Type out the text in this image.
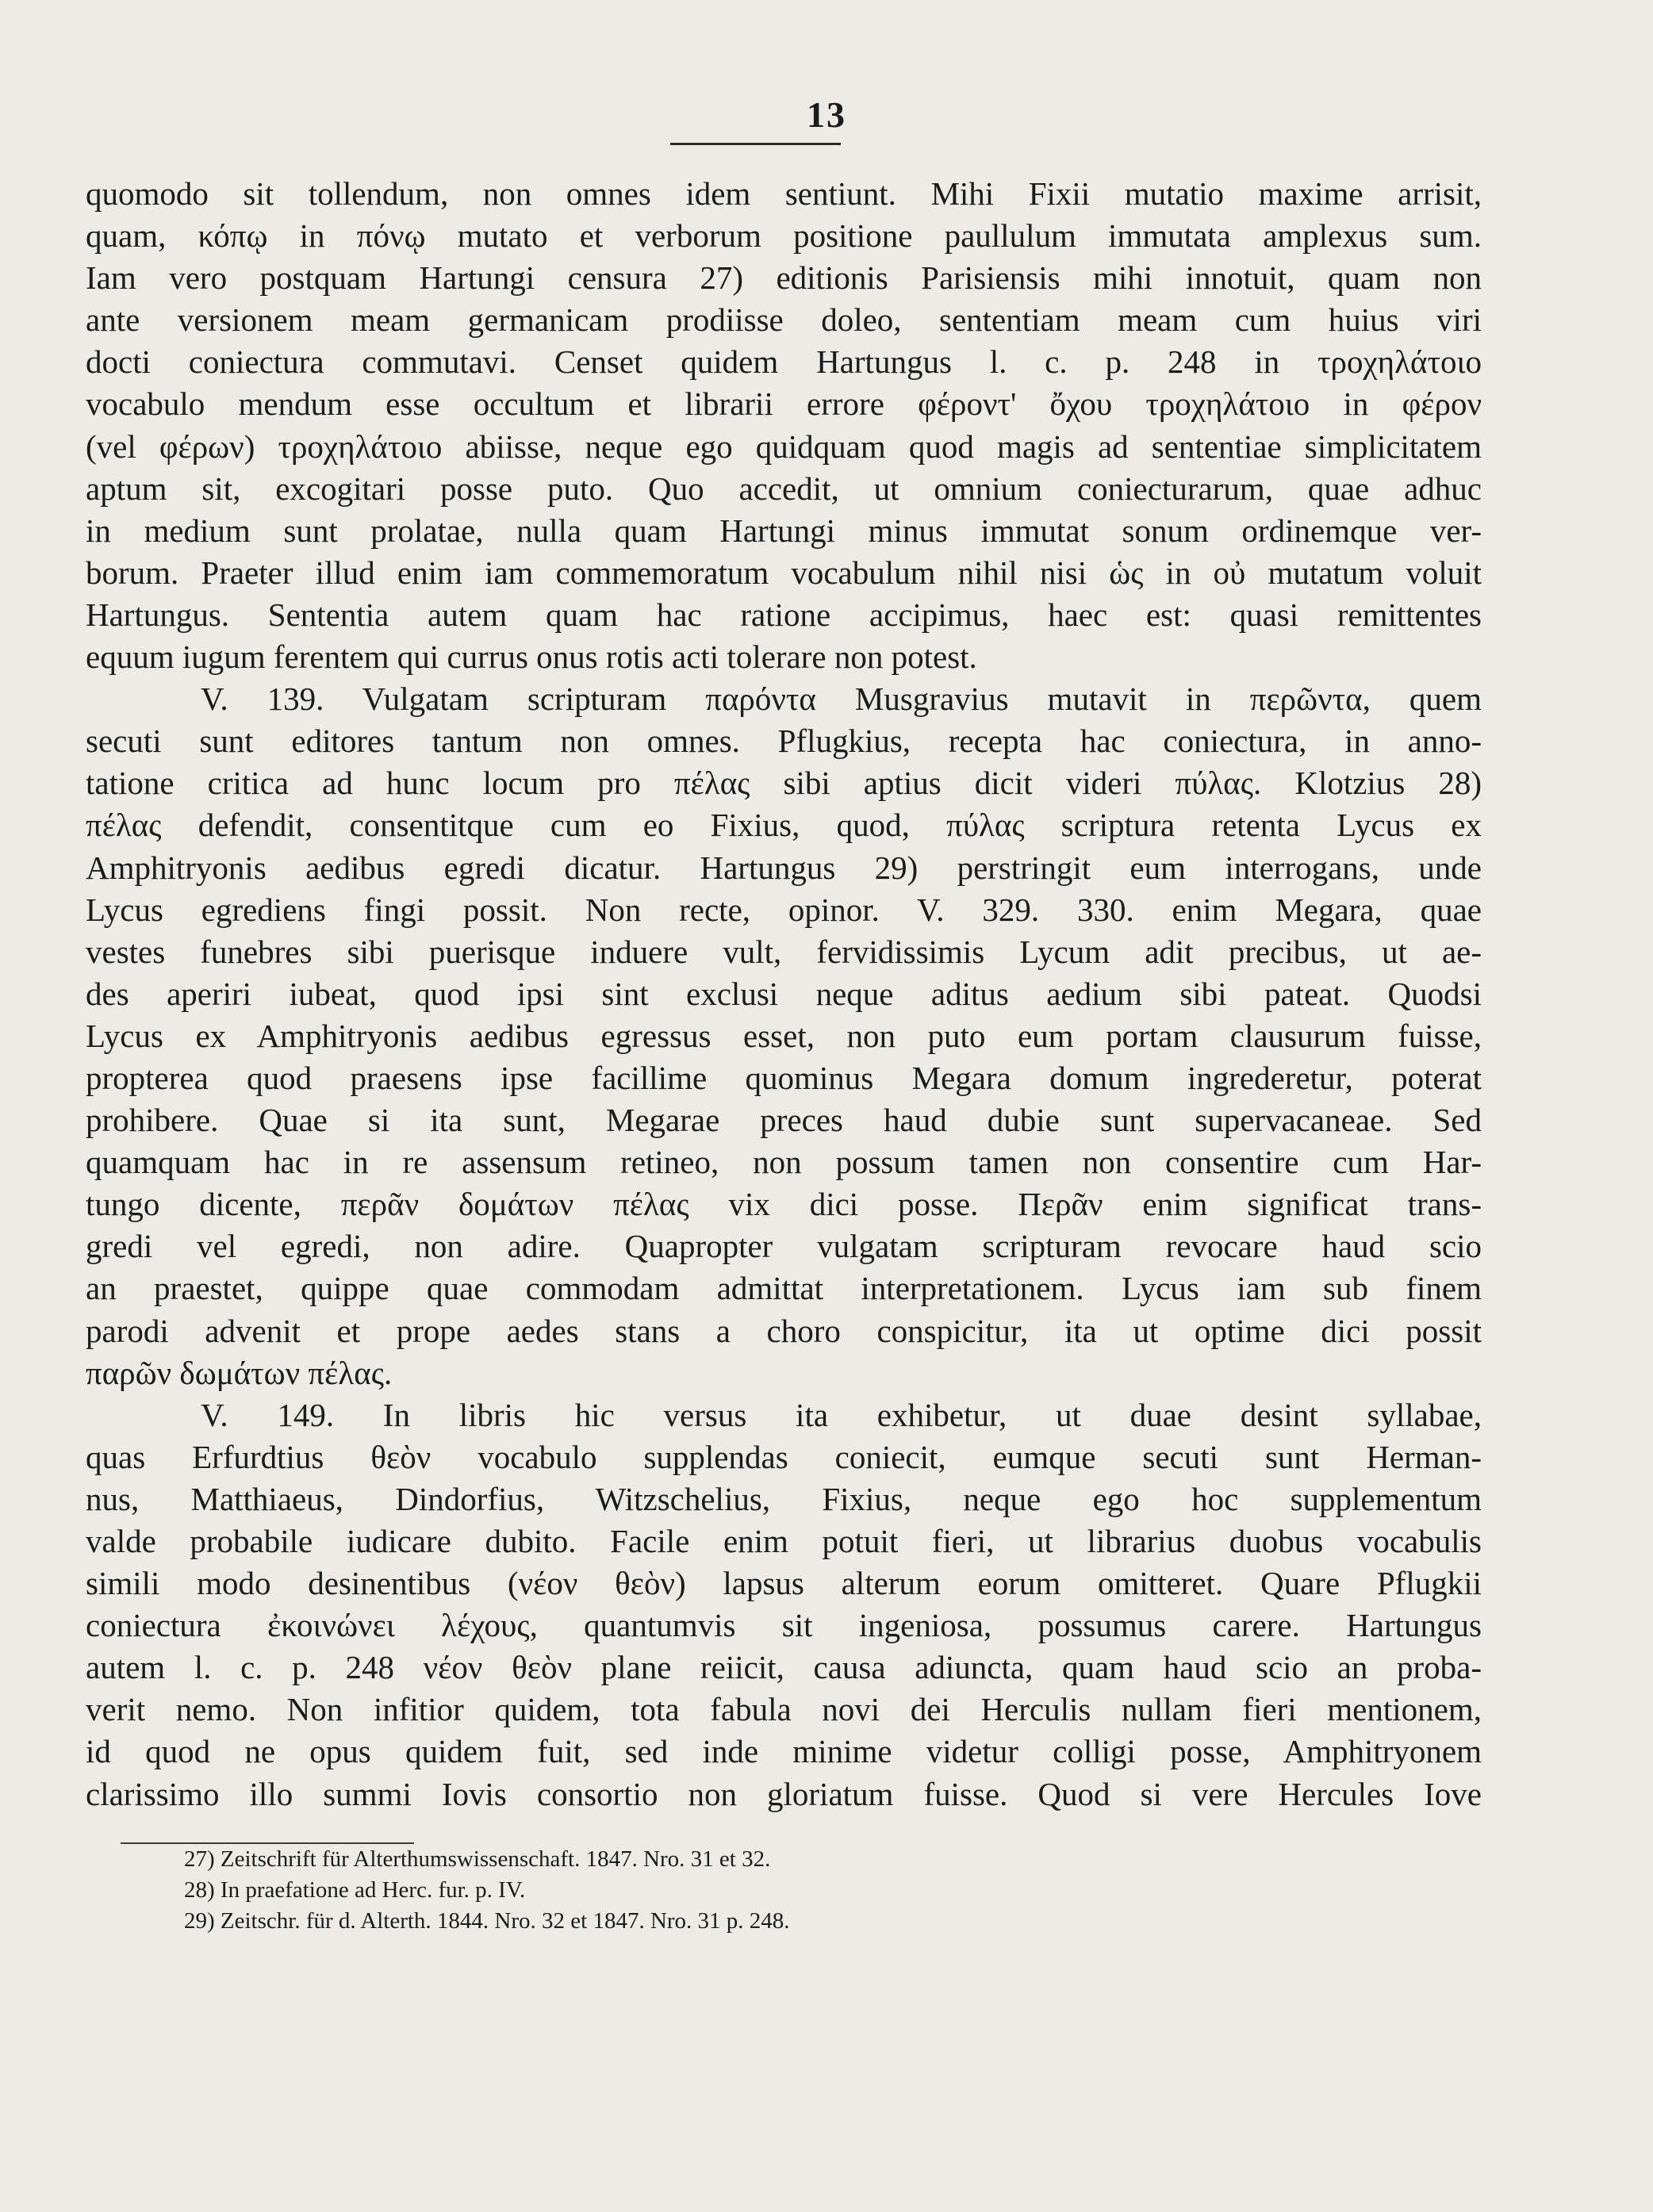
13
quomodo sit tollendum, non omnes idem sentiunt. Mihi Fixii mutatio maxime arrisit,
quam, κόπῳ in πόνῳ mutato et verborum positione paullulum immutata amplexus sum.
Iam vero postquam Hartungi censura 27) editionis Parisiensis mihi innotuit, quam non
ante versionem meam germanicam prodiisse doleo, sententiam meam cum huius viri
docti coniectura commutavi. Censet quidem Hartungus l. c. p. 248 in τροχηλάτοιο
vocabulo mendum esse occultum et librarii errore φέροντ' ὄχου τροχηλάτοιο in φέρον
(vel φέρων) τροχηλάτοιο abiisse, neque ego quidquam quod magis ad sententiae simplicitatem
aptum sit, excogitari posse puto. Quo accedit, ut omnium coniecturarum, quae adhuc
in medium sunt prolatae, nulla quam Hartungi minus immutat sonum ordinemque ver-
borum. Praeter illud enim iam commemoratum vocabulum nihil nisi ὡς in οὐ mutatum voluit
Hartungus. Sententia autem quam hac ratione accipimus, haec est: quasi remittentes
equum iugum ferentem qui currus onus rotis acti tolerare non potest.
V. 139. Vulgatam scripturam παρόντα Musgravius mutavit in περῶντα, quem
secuti sunt editores tantum non omnes. Pflugkius, recepta hac coniectura, in anno-
tatione critica ad hunc locum pro πέλας sibi aptius dicit videri πύλας. Klotzius 28)
πέλας defendit, consentitque cum eo Fixius, quod, πύλας scriptura retenta Lycus ex
Amphitryonis aedibus egredi dicatur. Hartungus 29) perstringit eum interrogans, unde
Lycus egrediens fingi possit. Non recte, opinor. V. 329. 330. enim Megara, quae
vestes funebres sibi puerisque induere vult, fervidissimis Lycum adit precibus, ut ae-
des aperiri iubeat, quod ipsi sint exclusi neque aditus aedium sibi pateat. Quodsi
Lycus ex Amphitryonis aedibus egressus esset, non puto eum portam clausurum fuisse,
propterea quod praesens ipse facillime quominus Megara domum ingrederetur, poterat
prohibere. Quae si ita sunt, Megarae preces haud dubie sunt supervacaneae. Sed
quamquam hac in re assensum retineo, non possum tamen non consentire cum Har-
tungo dicente, περᾶν δομάτων πέλας vix dici posse. Περᾶν enim significat trans-
gredi vel egredi, non adire. Quapropter vulgatam scripturam revocare haud scio
an praestet, quippe quae commodam admittat interpretationem. Lycus iam sub finem
parodi advenit et prope aedes stans a choro conspicitur, ita ut optime dici possit
παρῶν δωμάτων πέλας.
V. 149. In libris hic versus ita exhibetur, ut duae desint syllabae,
quas Erfurdtius θεὸν vocabulo supplendas coniecit, eumque secuti sunt Herman-
nus, Matthiaeus, Dindorfius, Witzschelius, Fixius, neque ego hoc supplementum
valde probabile iudicare dubito. Facile enim potuit fieri, ut librarius duobus vocabulis
simili modo desinentibus (νέον θεὸν) lapsus alterum eorum omitteret. Quare Pflugkii
coniectura ἐκοινώνει λέχους, quantumvis sit ingeniosa, possumus carere. Hartungus
autem l. c. p. 248 νέον θεὸν plane reiicit, causa adiuncta, quam haud scio an proba-
verit nemo. Non infitior quidem, tota fabula novi dei Herculis nullam fieri mentionem,
id quod ne opus quidem fuit, sed inde minime videtur colligi posse, Amphitryonem
clarissimo illo summi Iovis consortio non gloriatum fuisse. Quod si vere Hercules Iove
27) Zeitschrift für Alterthumswissenschaft. 1847. Nro. 31 et 32.
28) In praefatione ad Herc. fur. p. IV.
29) Zeitschr. für d. Alterth. 1844. Nro. 32 et 1847. Nro. 31 p. 248.
